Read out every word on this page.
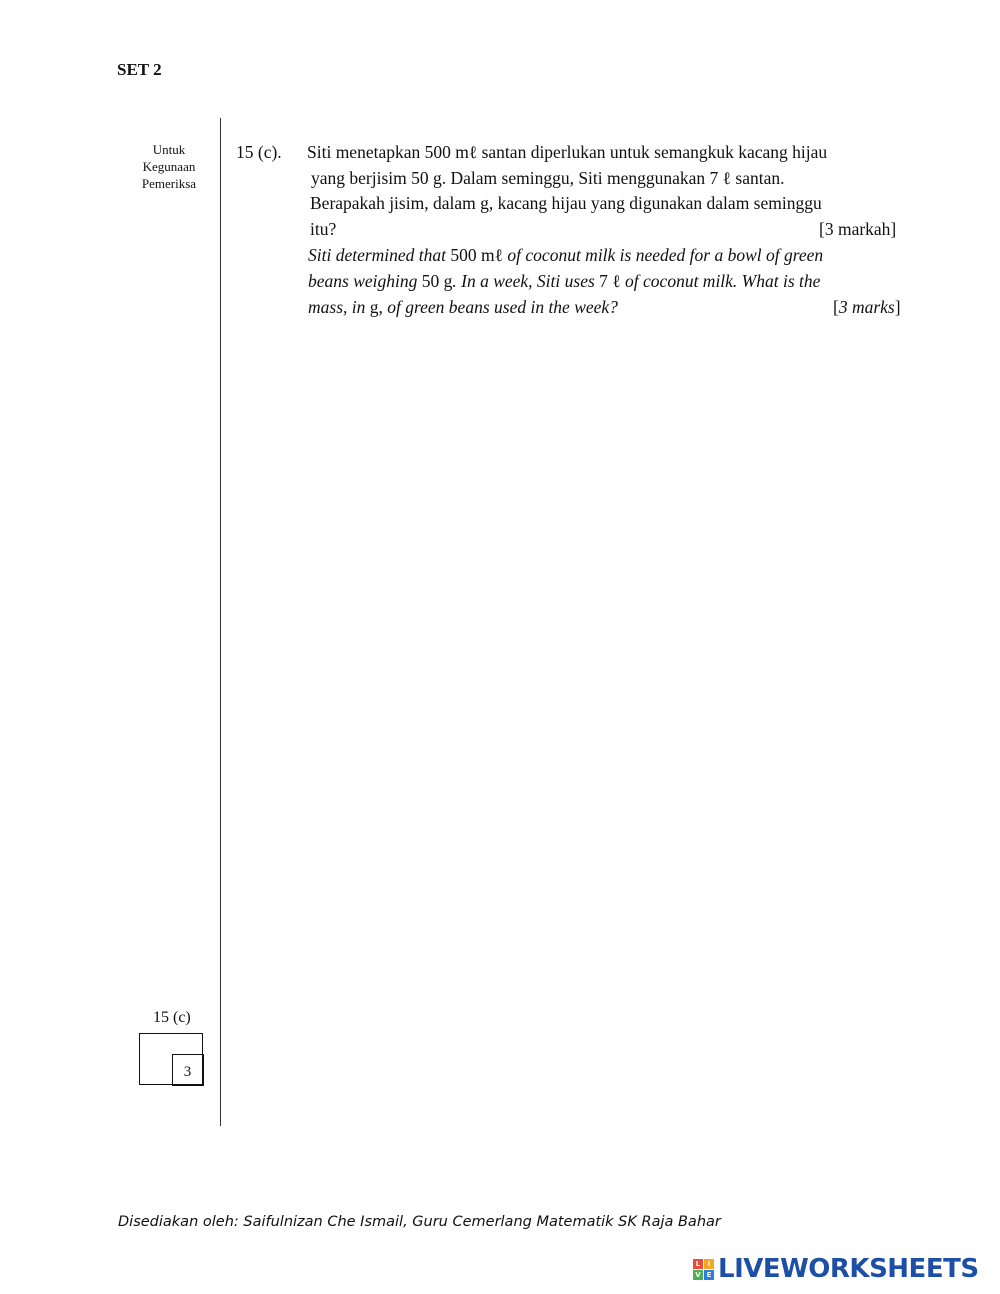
SET 2
Untuk
Kegunaan
Pemeriksa
15 (c). Siti menetapkan 500 mℓ santan diperlukan untuk semangkuk kacang hijau
yang berjisim 50 g. Dalam seminggu, Siti menggunakan 7 ℓ santan.
Berapakah jisim, dalam g, kacang hijau yang digunakan dalam seminggu
itu?	[3 markah]
Siti determined that 500 mℓ of coconut milk is needed for a bowl of green
beans weighing 50 g. In a week, Siti uses 7 ℓ of coconut milk. What is the
mass, in g, of green beans used in the week?	[3 marks]
15 (c)
3
Disediakan oleh: Saifulnizan Che Ismail, Guru Cemerlang Matematik SK Raja Bahar
L	I
V E LIVEWORKSHEETS
